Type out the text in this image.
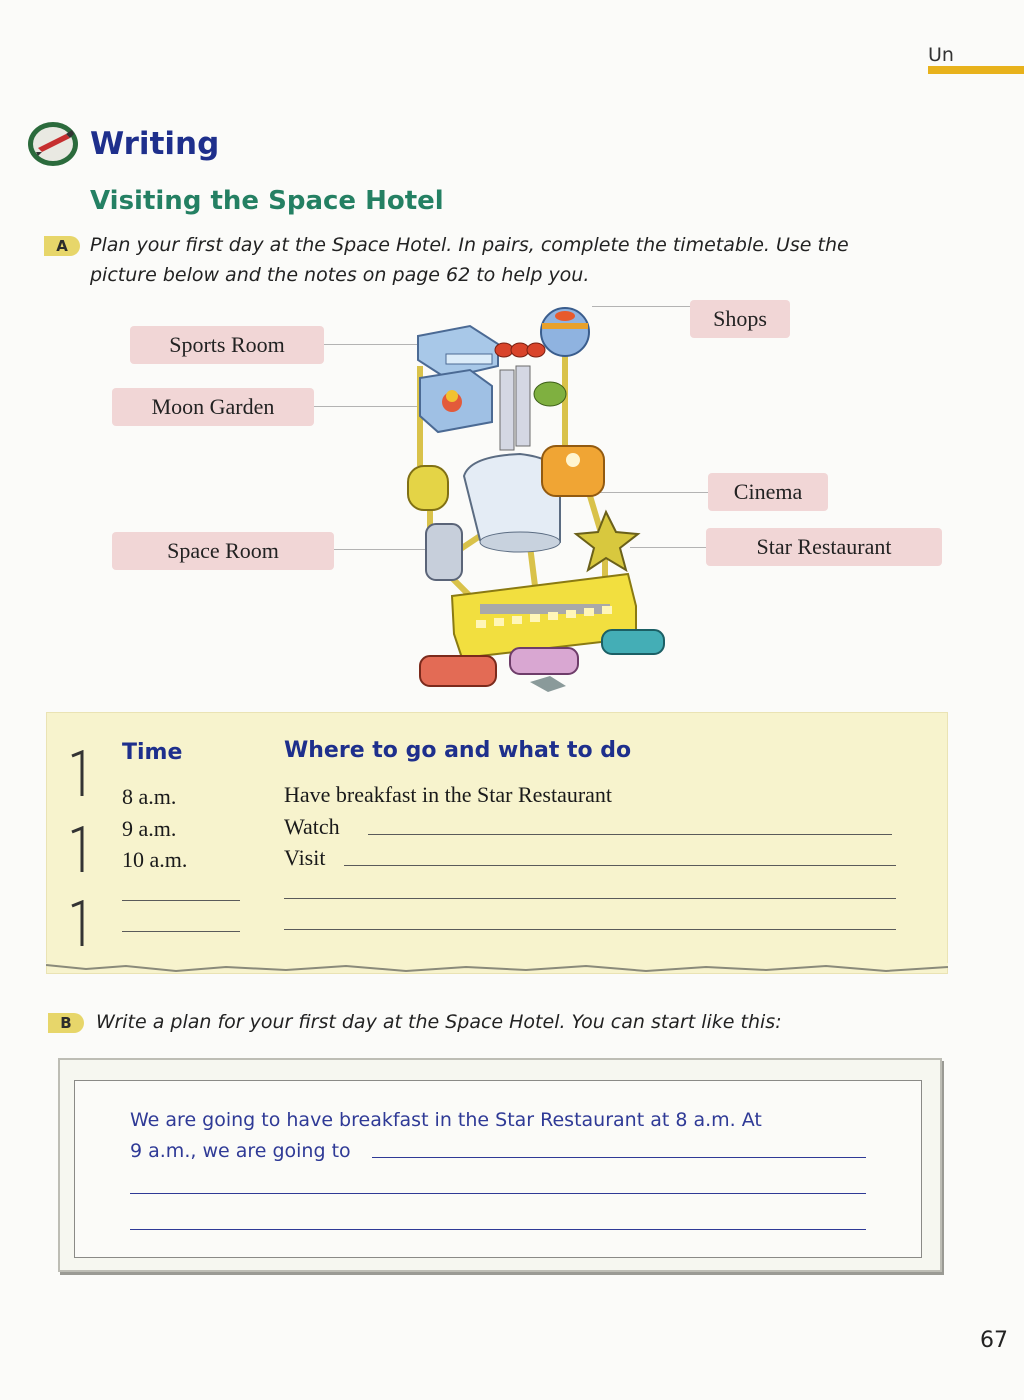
Un
Writing
Visiting the Space Hotel
A	Plan your first day at the Space Hotel. In pairs, complete the timetable. Use the picture below and the notes on page 62 to help you.
Sports Room
Moon Garden
Space Room
Shops
Cinema
Star Restaurant
Time	Where to go and what to do
8 a.m.	Have breakfast in the Star Restaurant
9 a.m.	Watch
10 a.m.	Visit
B	Write a plan for your first day at the Space Hotel. You can start like this:
We are going to have breakfast in the Star Restaurant at 8 a.m. At
9 a.m., we are going to
67
